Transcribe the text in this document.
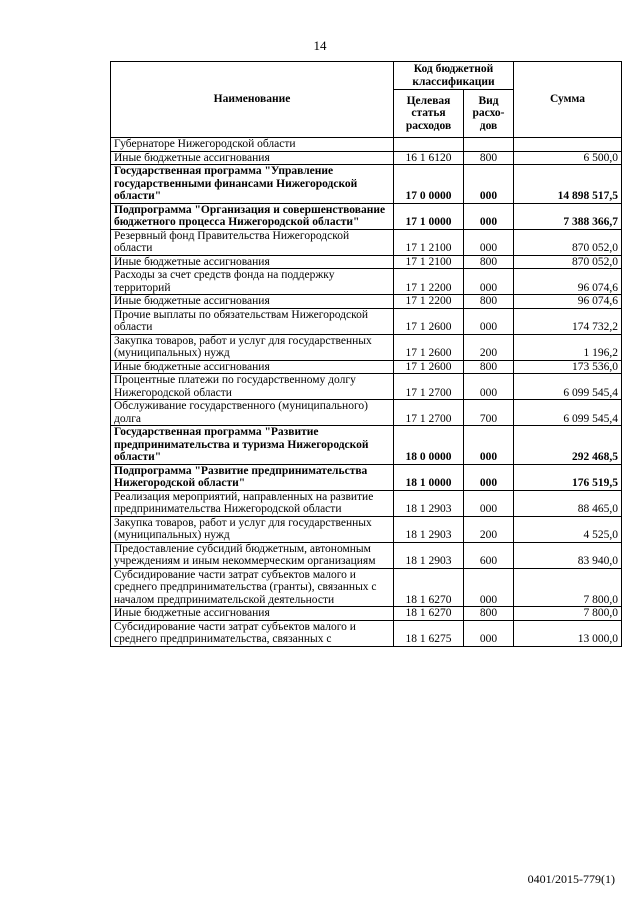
14
Наименование	Код бюджетной классификации		Сумма
	Целевая статья расходов	Вид расхо- дов	
Губернаторе Нижегородской области			
Иные бюджетные ассигнования	16 1 6120	800	6 500,0
Государственная программа "Управление государственными финансами Нижегородской области"	17 0 0000	000	14 898 517,5
Подпрограмма "Организация и совершенствование бюджетного процесса Нижегородской области"	17 1 0000	000	7 388 366,7
Резервный фонд Правительства Нижегородской области	17 1 2100	000	870 052,0
Иные бюджетные ассигнования	17 1 2100	800	870 052,0
Расходы за счет средств фонда на поддержку территорий	17 1 2200	000	96 074,6
Иные бюджетные ассигнования	17 1 2200	800	96 074,6
Прочие выплаты по обязательствам Нижегородской области	17 1 2600	000	174 732,2
Закупка товаров, работ и услуг для государственных (муниципальных) нужд	17 1 2600	200	1 196,2
Иные бюджетные ассигнования	17 1 2600	800	173 536,0
Процентные платежи по государственному долгу Нижегородской области	17 1 2700	000	6 099 545,4
Обслуживание государственного (муниципального) долга	17 1 2700	700	6 099 545,4
Государственная программа "Развитие предпринимательства и туризма Нижегородской области"	18 0 0000	000	292 468,5
Подпрограмма "Развитие предпринимательства Нижегородской области"	18 1 0000	000	176 519,5
Реализация мероприятий, направленных на развитие предпринимательства Нижегородской области	18 1 2903	000	88 465,0
Закупка товаров, работ и услуг для государственных (муниципальных) нужд	18 1 2903	200	4 525,0
Предоставление субсидий бюджетным, автономным учреждениям и иным некоммерческим организациям	18 1 2903	600	83 940,0
Субсидирование части затрат субъектов малого и среднего предпринимательства (гранты), связанных с началом предпринимательской деятельности	18 1 6270	000	7 800,0
Иные бюджетные ассигнования	18 1 6270	800	7 800,0
Субсидирование части затрат субъектов малого и среднего предпринимательства, связанных с	18 1 6275	000	13 000,0
0401/2015-779(1)
